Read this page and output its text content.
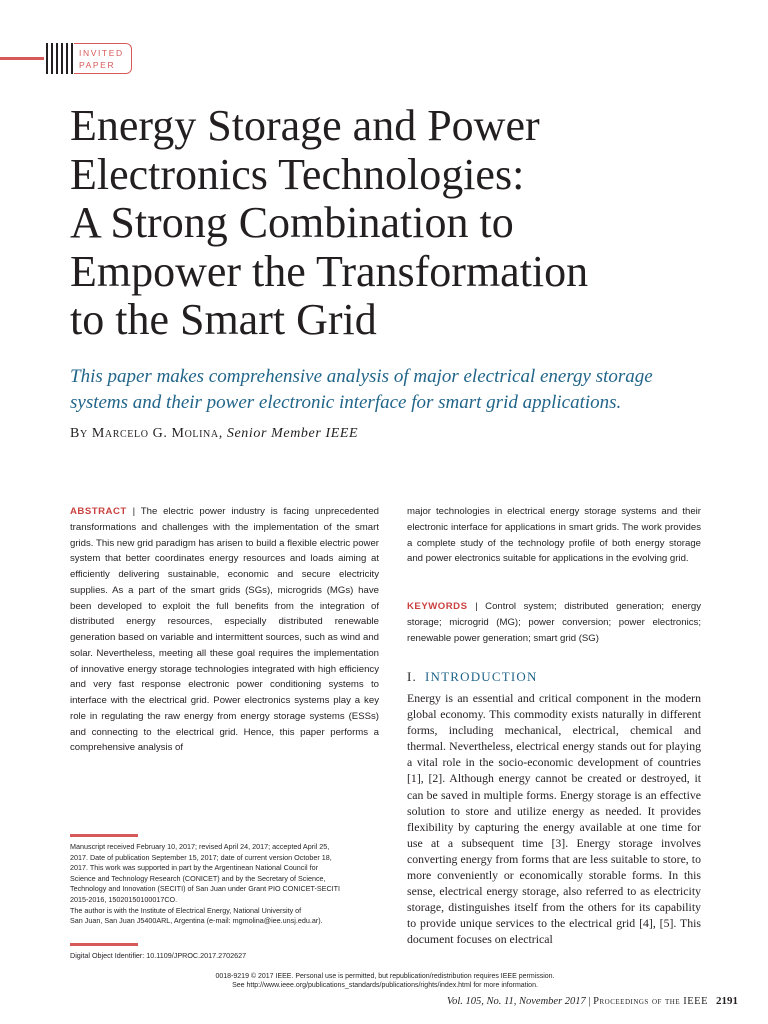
INVITED
PAPER
Energy Storage and Power
Electronics Technologies:
A Strong Combination to
Empower the Transformation
to the Smart Grid

This paper makes comprehensive analysis of major electrical energy storage
systems and their power electronic interface for smart grid applications.

By Marcelo G. Molina, Senior Member IEEE

ABSTRACT | The electric power industry is facing unprecedented transformations and challenges with the implementation of the smart grids. This new grid paradigm has arisen to build a flexible electric power system that better coordinates energy resources and loads aiming at efficiently delivering sustainable, economic and secure electricity supplies. As a part of the smart grids (SGs), microgrids (MGs) have been developed to exploit the full benefits from the integration of distributed energy resources, especially distributed renewable generation based on variable and intermittent sources, such as wind and solar. Nevertheless, meeting all these goal requires the implementation of innovative energy storage technologies integrated with high efficiency and very fast response electronic power conditioning systems to interface with the electrical grid. Power electronics systems play a key role in regulating the raw energy from energy storage systems (ESSs) and connecting to the electrical grid. Hence, this paper performs a comprehensive analysis of

Manuscript received February 10, 2017; revised April 24, 2017; accepted April 25,
2017. Date of publication September 15, 2017; date of current version October 18,
2017. This work was supported in part by the Argentinean National Council for
Science and Technology Research (CONICET) and by the Secretary of Science,
Technology and Innovation (SECITI) of San Juan under Grant PIO CONICET-SECITI
2015-2016, 15020150100017CO.
The author is with the Institute of Electrical Energy, National University of
San Juan, San Juan J5400ARL, Argentina (e-mail: mgmolina@iee.unsj.edu.ar).

Digital Object Identifier: 10.1109/JPROC.2017.2702627

major technologies in electrical energy storage systems and their electronic interface for applications in smart grids. The work provides a complete study of the technology profile of both energy storage and power electronics suitable for applications in the evolving grid.

KEYWORDS | Control system; distributed generation; energy storage; microgrid (MG); power conversion; power electronics; renewable power generation; smart grid (SG)

I. INTRODUCTION

Energy is an essential and critical component in the modern global economy. This commodity exists naturally in different forms, including mechanical, electrical, chemical and thermal. Nevertheless, electrical energy stands out for playing a vital role in the socio-economic development of countries [1], [2]. Although energy cannot be created or destroyed, it can be saved in multiple forms. Energy storage is an effective solution to store and utilize energy as needed. It provides flexibility by capturing the energy available at one time for use at a subsequent time [3]. Energy storage involves converting energy from forms that are less suitable to store, to more conveniently or economically storable forms. In this sense, electrical energy storage, also referred to as electricity storage, distinguishes itself from the others for its capability to provide unique services to the electrical grid [4], [5]. This document focuses on electrical

0018-9219 © 2017 IEEE. Personal use is permitted, but republication/redistribution requires IEEE permission.
See http://www.ieee.org/publications_standards/publications/rights/index.html for more information.

Vol. 105, No. 11, November 2017 | Proceedings of the IEEE 2191
